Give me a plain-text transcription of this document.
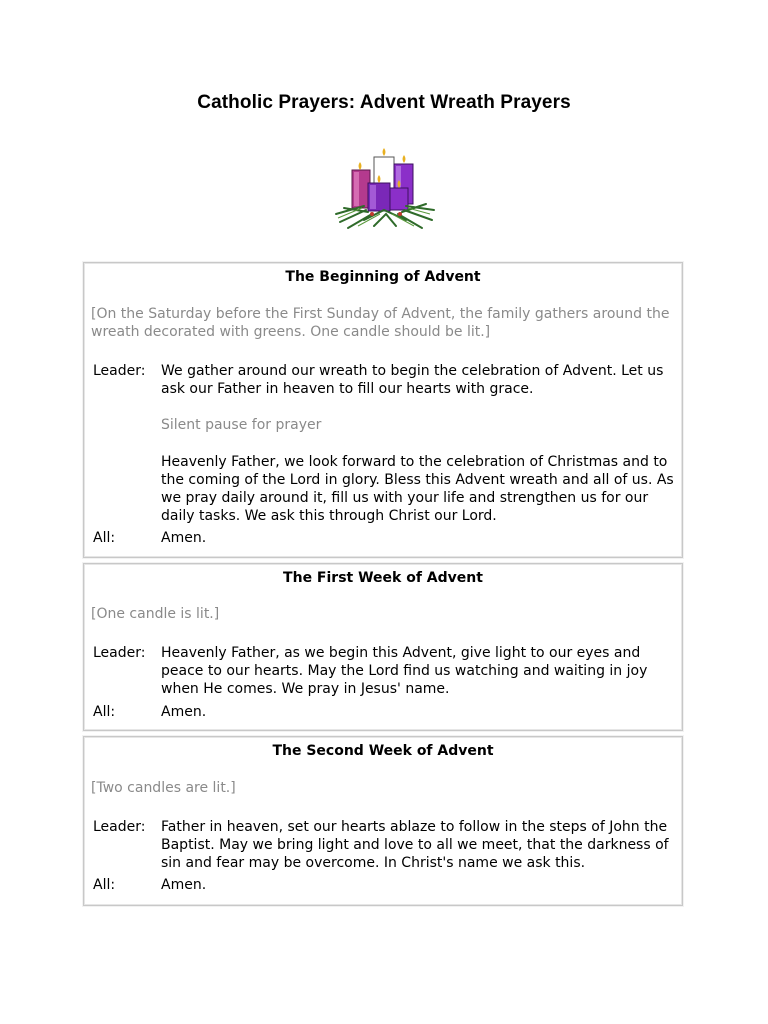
Catholic Prayers: Advent Wreath Prayers
The Beginning of Advent
[On the Saturday before the First Sunday of Advent, the family gathers around the wreath decorated with greens. One candle should be lit.]
Leader: We gather around our wreath to begin the celebration of Advent. Let us ask our Father in heaven to fill our hearts with grace.
Silent pause for prayer
Heavenly Father, we look forward to the celebration of Christmas and to the coming of the Lord in glory. Bless this Advent wreath and all of us. As we pray daily around it, fill us with your life and strengthen us for our daily tasks. We ask this through Christ our Lord.
All:	Amen.
The First Week of Advent
[One candle is lit.]
Leader: Heavenly Father, as we begin this Advent, give light to our eyes and peace to our hearts. May the Lord find us watching and waiting in joy when He comes. We pray in Jesus' name.
All:	Amen.
The Second Week of Advent
[Two candles are lit.]
Leader: Father in heaven, set our hearts ablaze to follow in the steps of John the Baptist. May we bring light and love to all we meet, that the darkness of sin and fear may be overcome. In Christ's name we ask this.
All:	Amen.
